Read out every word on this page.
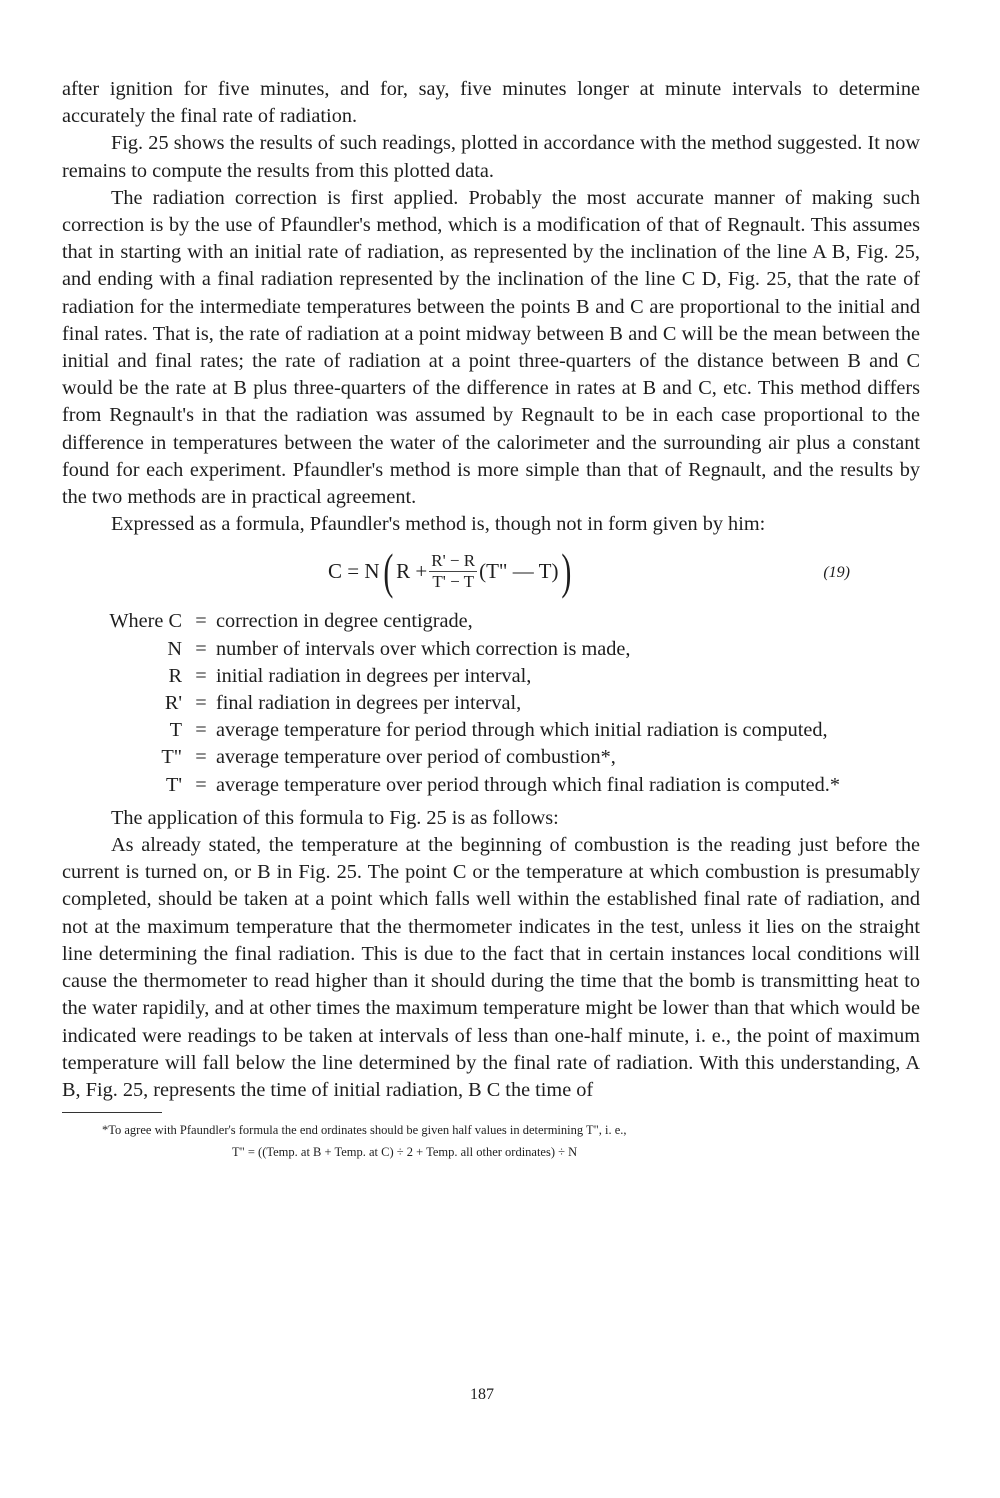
after ignition for five minutes, and for, say, five minutes longer at minute intervals to determine accurately the final rate of radiation.

Fig. 25 shows the results of such readings, plotted in accordance with the method suggested. It now remains to compute the results from this plotted data.

The radiation correction is first applied. Probably the most accurate manner of making such correction is by the use of Pfaundler's method, which is a modification of that of Regnault. This assumes that in starting with an initial rate of radiation, as represented by the inclination of the line A B, Fig. 25, and ending with a final radiation represented by the inclination of the line C D, Fig. 25, that the rate of radiation for the intermediate temperatures between the points B and C are proportional to the initial and final rates. That is, the rate of radiation at a point midway between B and C will be the mean between the initial and final rates; the rate of radiation at a point three-quarters of the distance between B and C would be the rate at B plus three-quarters of the difference in rates at B and C, etc. This method differs from Regnault's in that the radiation was assumed by Regnault to be in each case proportional to the difference in temperatures between the water of the calorimeter and the surrounding air plus a constant found for each experiment. Pfaundler's method is more simple than that of Regnault, and the results by the two methods are in practical agreement.

Expressed as a formula, Pfaundler's method is, though not in form given by him:

C = N ( $R + \frac{R' - R}{T' - T} (T$" — T) )	(19)
Where C = correction in degree centigrade,
N = number of intervals over which correction is made,
R = initial radiation in degrees per interval,
R' = final radiation in degrees per interval,
T = average temperature for period through which initial radiation is computed,
T" = average temperature over period of combustion*,
T' = average temperature over period through which final radiation is computed.*

The application of this formula to Fig. 25 is as follows:

As already stated, the temperature at the beginning of combustion is the reading just before the current is turned on, or B in Fig. 25. The point C or the temperature at which combustion is presumably completed, should be taken at a point which falls well within the established final rate of radiation, and not at the maximum temperature that the thermometer indicates in the test, unless it lies on the straight line determining the final radiation. This is due to the fact that in certain instances local conditions will cause the thermometer to read higher than it should during the time that the bomb is transmitting heat to the water rapidily, and at other times the maximum temperature might be lower than that which would be indicated were readings to be taken at intervals of less than one-half minute, i. e., the point of maximum temperature will fall below the line determined by the final rate of radiation. With this understanding, A B, Fig. 25, represents the time of initial radiation, B C the time of

*To agree with Pfaundler's formula the end ordinates should be given half values in determining T", i. e.,
T" = ((Temp. at B + Temp. at C) ÷ 2 + Temp. all other ordinates) ÷ N
187
